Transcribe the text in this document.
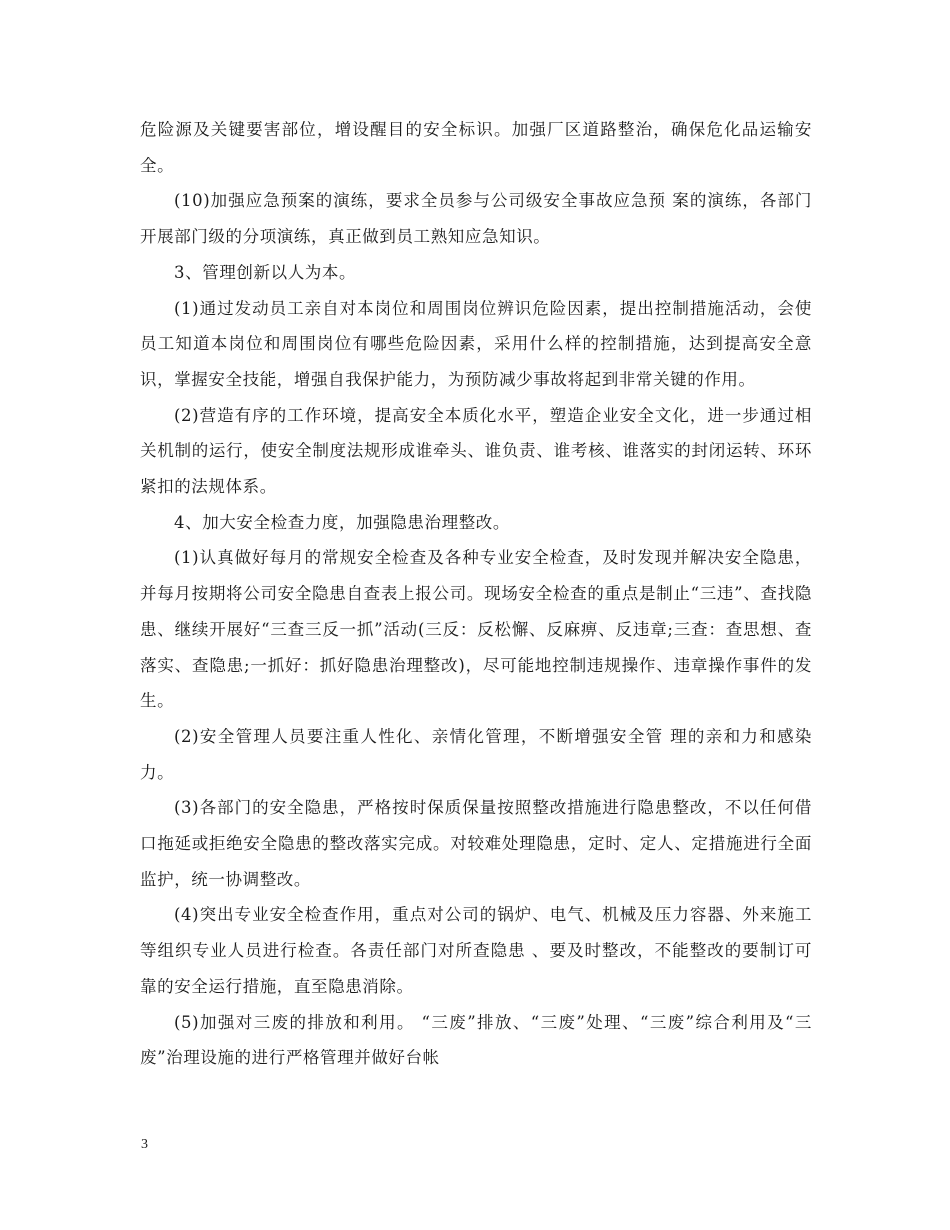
危险源及关键要害部位，增设醒目的安全标识。加强厂区道路整治，确保危化品运输安全。

(10)加强应急预案的演练，要求全员参与公司级安全事故应急预 案的演练，各部门开展部门级的分项演练，真正做到员工熟知应急知识。

3、管理创新以人为本。

(1)通过发动员工亲自对本岗位和周围岗位辨识危险因素，提出控制措施活动，会使员工知道本岗位和周围岗位有哪些危险因素，采用什么样的控制措施，达到提高安全意识，掌握安全技能，增强自我保护能力，为预防减少事故将起到非常关键的作用。

(2)营造有序的工作环境，提高安全本质化水平，塑造企业安全文化，进一步通过相关机制的运行，使安全制度法规形成谁牵头、谁负责、谁考核、谁落实的封闭运转、环环紧扣的法规体系。

4、加大安全检查力度，加强隐患治理整改。

(1)认真做好每月的常规安全检查及各种专业安全检查，及时发现并解决安全隐患，并每月按期将公司安全隐患自查表上报公司。现场安全检查的重点是制止“三违”、查找隐患、继续开展好“三查三反一抓”活动(三反：反松懈、反麻痹、反违章;三查：查思想、查落实、查隐患;一抓好：抓好隐患治理整改)，尽可能地控制违规操作、违章操作事件的发生。

(2)安全管理人员要注重人性化、亲情化管理，不断增强安全管 理的亲和力和感染力。

(3)各部门的安全隐患，严格按时保质保量按照整改措施进行隐患整改，不以任何借口拖延或拒绝安全隐患的整改落实完成。对较难处理隐患，定时、定人、定措施进行全面监护，统一协调整改。

(4)突出专业安全检查作用，重点对公司的锅炉、电气、机械及压力容器、外来施工等组织专业人员进行检查。各责任部门对所查隐患 、要及时整改，不能整改的要制订可靠的安全运行措施，直至隐患消除。

(5)加强对三废的排放和利用。 “三废”排放、“三废”处理、“三废”综合利用及“三废”治理设施的进行严格管理并做好台帐

3
